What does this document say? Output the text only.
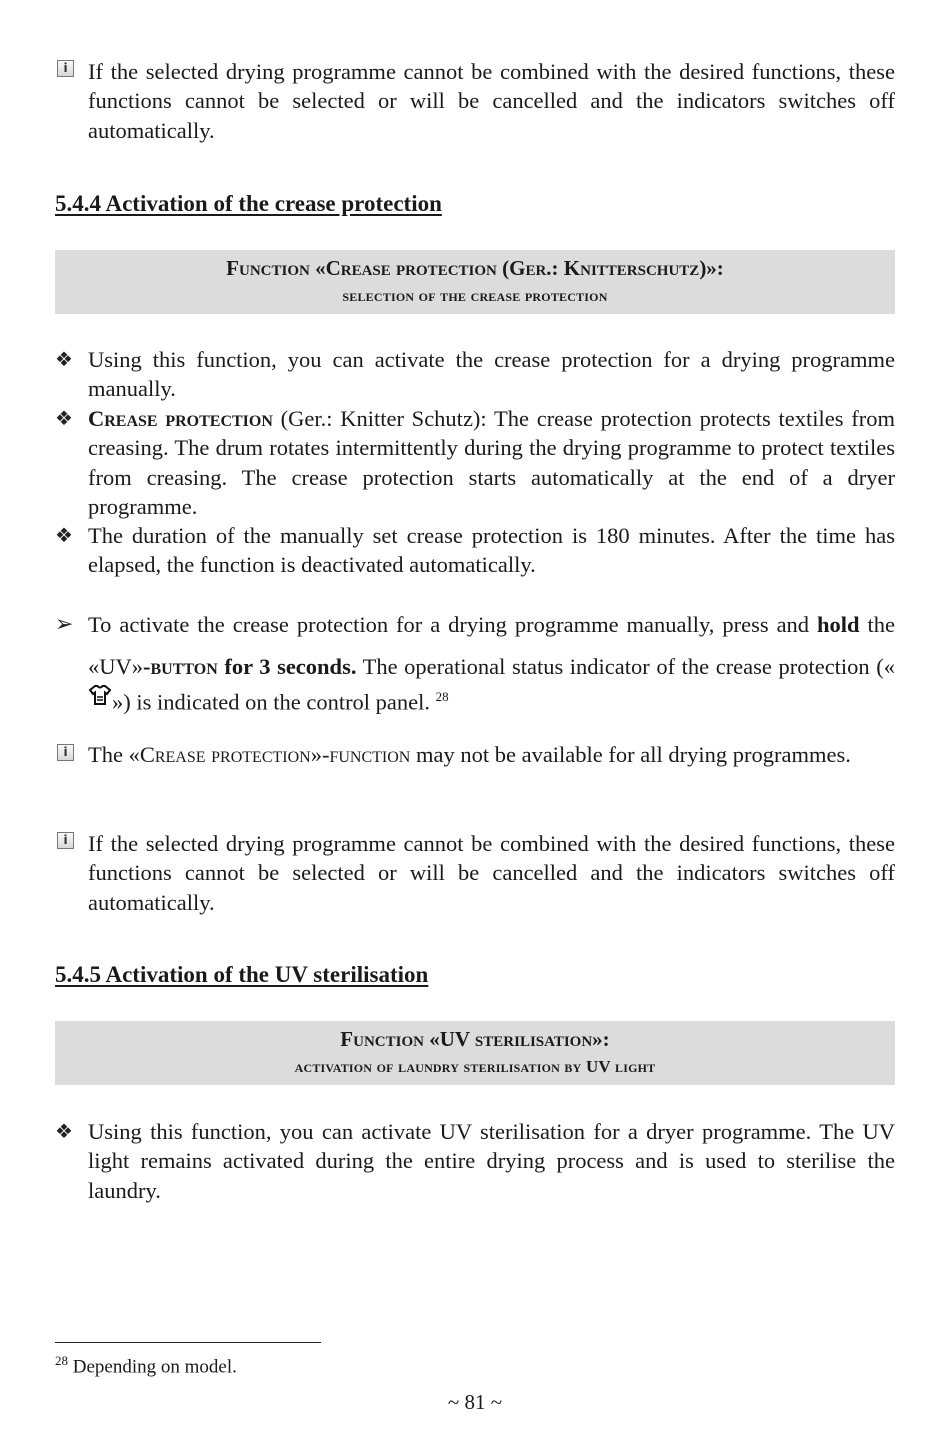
i If the selected drying programme cannot be combined with the desired functions, these functions cannot be selected or will be cancelled and the indicators switches off automatically.
5.4.4 Activation of the crease protection
Function «Crease protection (Ger.: Knitterschutz)»:
selection of the crease protection
❖ Using this function, you can activate the crease protection for a drying programme manually.
❖ Crease protection (Ger.: Knitter Schutz): The crease protection protects textiles from creasing. The drum rotates intermittently during the drying programme to protect textiles from creasing. The crease protection starts automatically at the end of a dryer programme.
❖ The duration of the manually set crease protection is 180 minutes. After the time has elapsed, the function is deactivated automatically.
➢ To activate the crease protection for a drying programme manually, press and hold the «UV»-button for 3 seconds. The operational status indicator of the crease protection («») is indicated on the control panel. $^{28}$
i The «Crease protection»-function may not be available for all drying programmes.
i If the selected drying programme cannot be combined with the desired functions, these functions cannot be selected or will be cancelled and the indicators switches off automatically.
5.4.5 Activation of the UV sterilisation
Function «UV sterilisation»:
activation of laundry sterilisation by UV light
❖ Using this function, you can activate UV sterilisation for a dryer programme. The UV light remains activated during the entire drying process and is used to sterilise the laundry.
$^{28}$ Depending on model.
~ 81 ~
